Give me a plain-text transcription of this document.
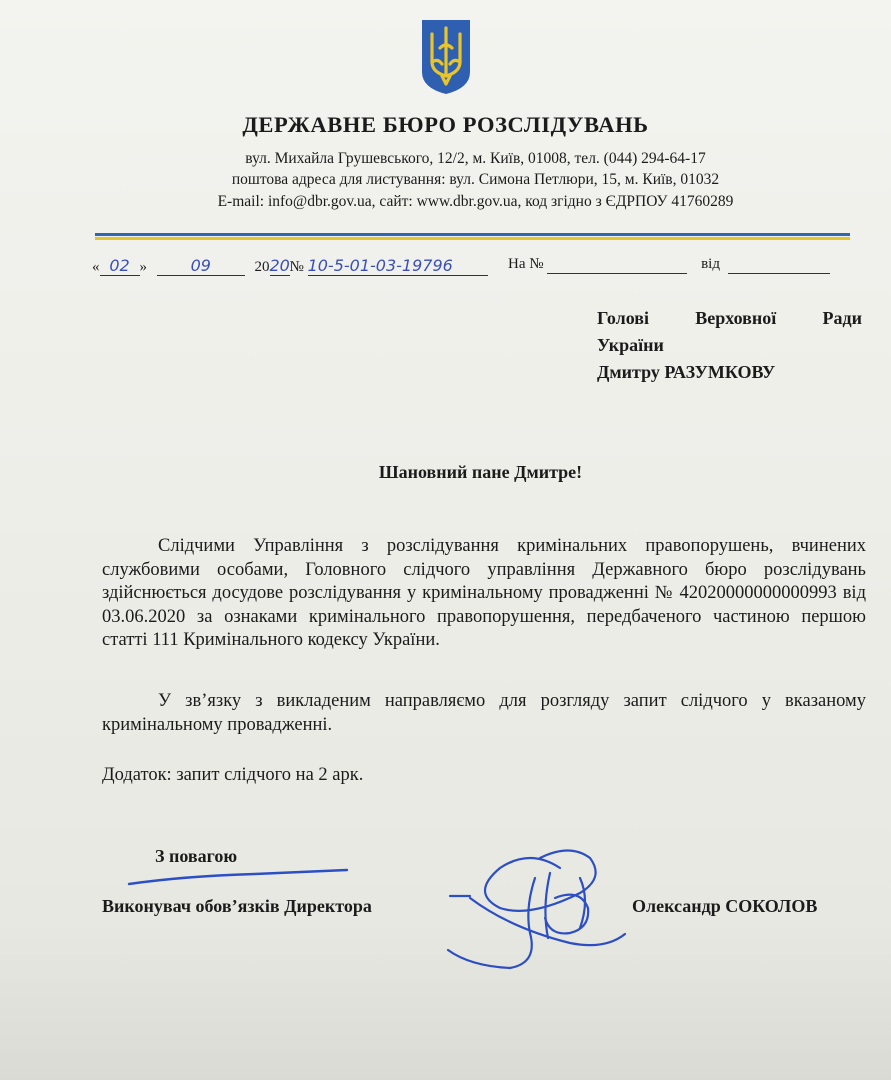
ДЕРЖАВНЕ БЮРО РОЗСЛІДУВАНЬ
вул. Михайла Грушевського, 12/2, м. Київ, 01008, тел. (044) 294-64-17
поштова адреса для листування: вул. Симона Петлюри, 15, м. Київ, 01032
E-mail: info@dbr.gov.ua, сайт: www.dbr.gov.ua, код згідно з ЄДРПОУ 41760289
« 02 »	09	2020№ 10-5-01-03-19796	На №	від
Голові	Верховної	Ради
України
Дмитру РАЗУМКОВУ
Шановний пане Дмитре!
Слідчими Управління з розслідування кримінальних правопорушень, вчинених службовими особами, Головного слідчого управління Державного бюро розслідувань здійснюється досудове розслідування у кримінальному провадженні № 42020000000000993 від 03.06.2020 за ознаками кримінального правопорушення, передбаченого частиною першою статті 111 Кримінального кодексу України.
У зв’язку з викладеним направляємо для розгляду запит слідчого у вказаному кримінальному провадженні.
Додаток: запит слідчого на 2 арк.
З повагою
Виконувач обов’язків Директора	Олександр СОКОЛОВ
